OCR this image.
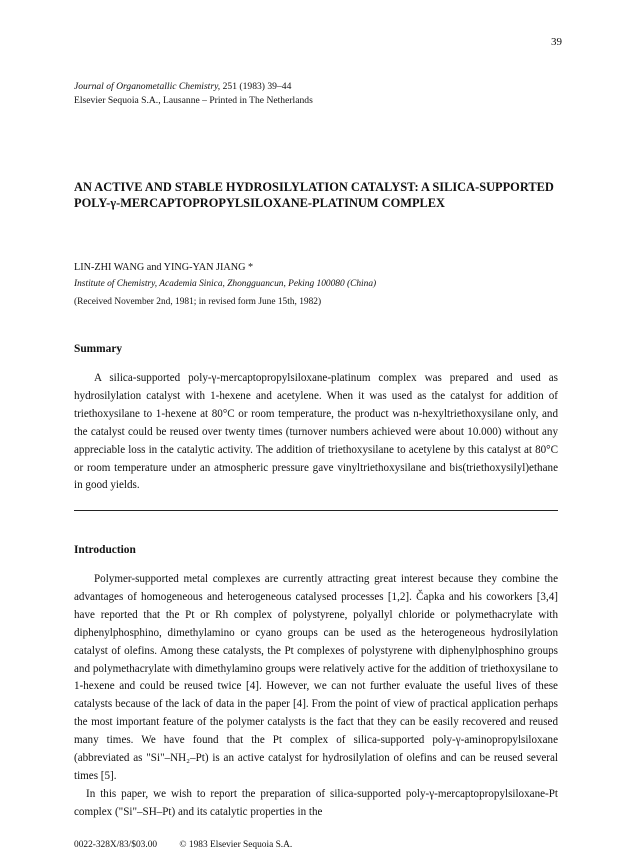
39
Journal of Organometallic Chemistry, 251 (1983) 39–44
Elsevier Sequoia S.A., Lausanne – Printed in The Netherlands
AN ACTIVE AND STABLE HYDROSILYLATION CATALYST: A SILICA-SUPPORTED POLY-γ-MERCAPTOPROPYLSILOXANE-PLATINUM COMPLEX
LIN-ZHI WANG and YING-YAN JIANG *
Institute of Chemistry, Academia Sinica, Zhongguancun, Peking 100080 (China)
(Received November 2nd, 1981; in revised form June 15th, 1982)
Summary

A silica-supported poly-γ-mercaptopropylsiloxane-platinum complex was prepared and used as hydrosilylation catalyst with 1-hexene and acetylene. When it was used as the catalyst for addition of triethoxysilane to 1-hexene at 80°C or room temperature, the product was n-hexyltriethoxysilane only, and the catalyst could be reused over twenty times (turnover numbers achieved were about 10.000) without any appreciable loss in the catalytic activity. The addition of triethoxysilane to acetylene by this catalyst at 80°C or room temperature under an atmospheric pressure gave vinyltriethoxysilane and bis(triethoxysilyl)ethane in good yields.

Introduction

Polymer-supported metal complexes are currently attracting great interest because they combine the advantages of homogeneous and heterogeneous catalysed processes [1,2]. Čapka and his coworkers [3,4] have reported that the Pt or Rh complex of polystyrene, polyallyl chloride or polymethacrylate with diphenylphosphino, dimethylamino or cyano groups can be used as the heterogeneous hydrosilylation catalyst of olefins. Among these catalysts, the Pt complexes of polystyrene with diphenylphosphino groups and polymethacrylate with dimethylamino groups were relatively active for the addition of triethoxysilane to 1-hexene and could be reused twice [4]. However, we can not further evaluate the useful lives of these catalysts because of the lack of data in the paper [4]. From the point of view of practical application perhaps the most important feature of the polymer catalysts is the fact that they can be easily recovered and reused many times. We have found that the Pt complex of silica-supported poly-γ-aminopropylsiloxane (abbreviated as "Si"–NH₂–Pt) is an active catalyst for hydrosilylation of olefins and can be reused several times [5].

In this paper, we wish to report the preparation of silica-supported poly-γ-mercaptopropylsiloxane-Pt complex ("Si"–SH–Pt) and its catalytic properties in the

0022-328X/83/$03.00 © 1983 Elsevier Sequoia S.A.
